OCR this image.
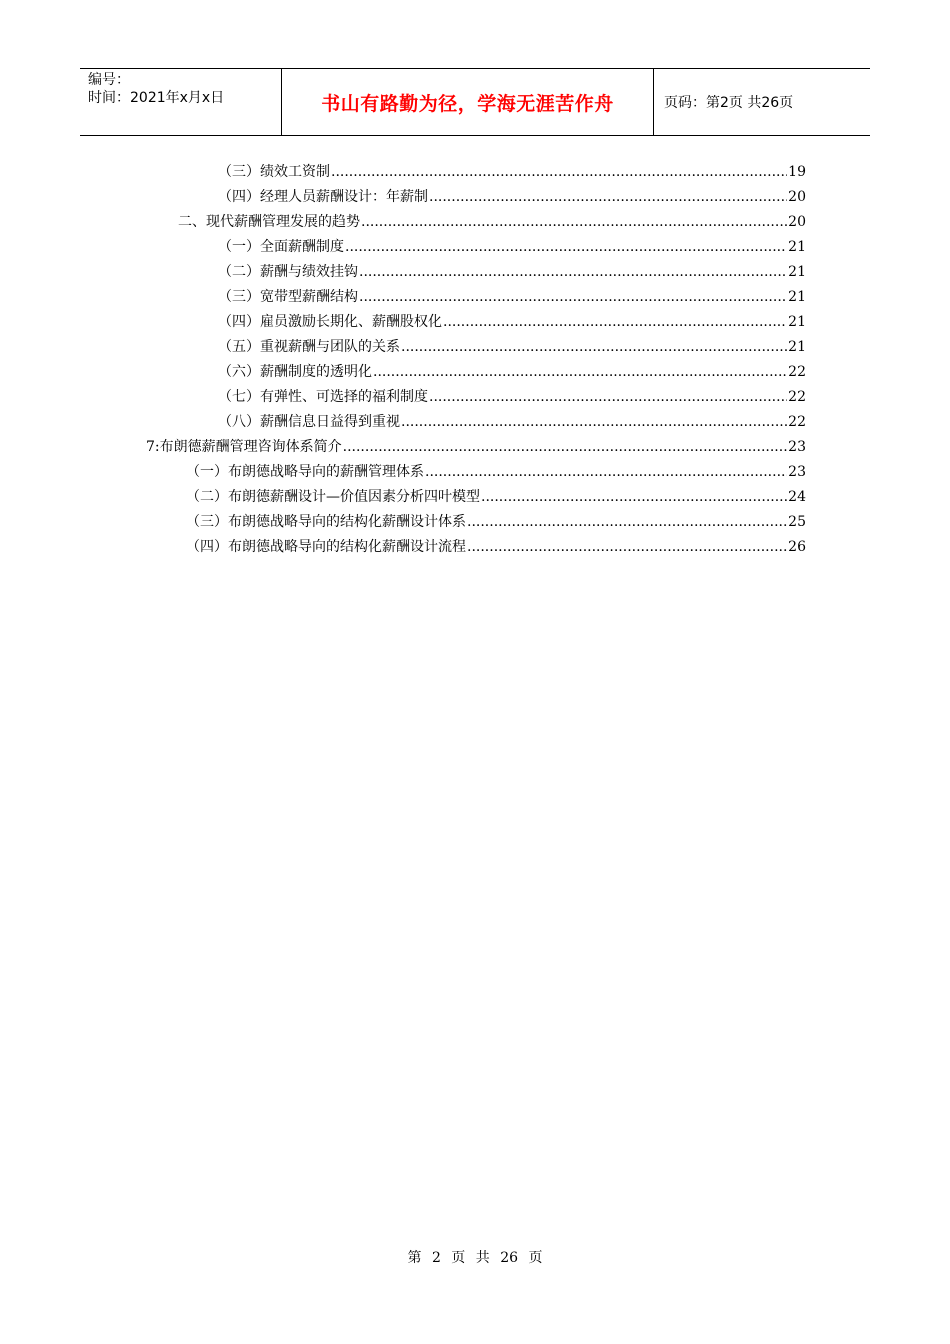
编号：
时间：2021年x月x日	书山有路勤为径，学海无涯苦作舟	页码：第2页 共26页
（三）绩效工资制 .....	19
（四）经理人员薪酬设计：年薪制 .....	20
二、现代薪酬管理发展的趋势 .....	20
（一）全面薪酬制度 .....	21
（二）薪酬与绩效挂钩 .....	21
（三）宽带型薪酬结构 .....	21
（四）雇员激励长期化、薪酬股权化 .....	21
（五）重视薪酬与团队的关系 .....	21
（六）薪酬制度的透明化 .....	22
（七）有弹性、可选择的福利制度 .....	22
（八）薪酬信息日益得到重视 .....	22
7:布朗德薪酬管理咨询体系简介 .....	23
（一）布朗德战略导向的薪酬管理体系 .....	23
（二）布朗德薪酬设计—价值因素分析四叶模型 .....	24
（三）布朗德战略导向的结构化薪酬设计体系 .....	25
（四）布朗德战略导向的结构化薪酬设计流程 .....	26
第 2 页 共 26 页
